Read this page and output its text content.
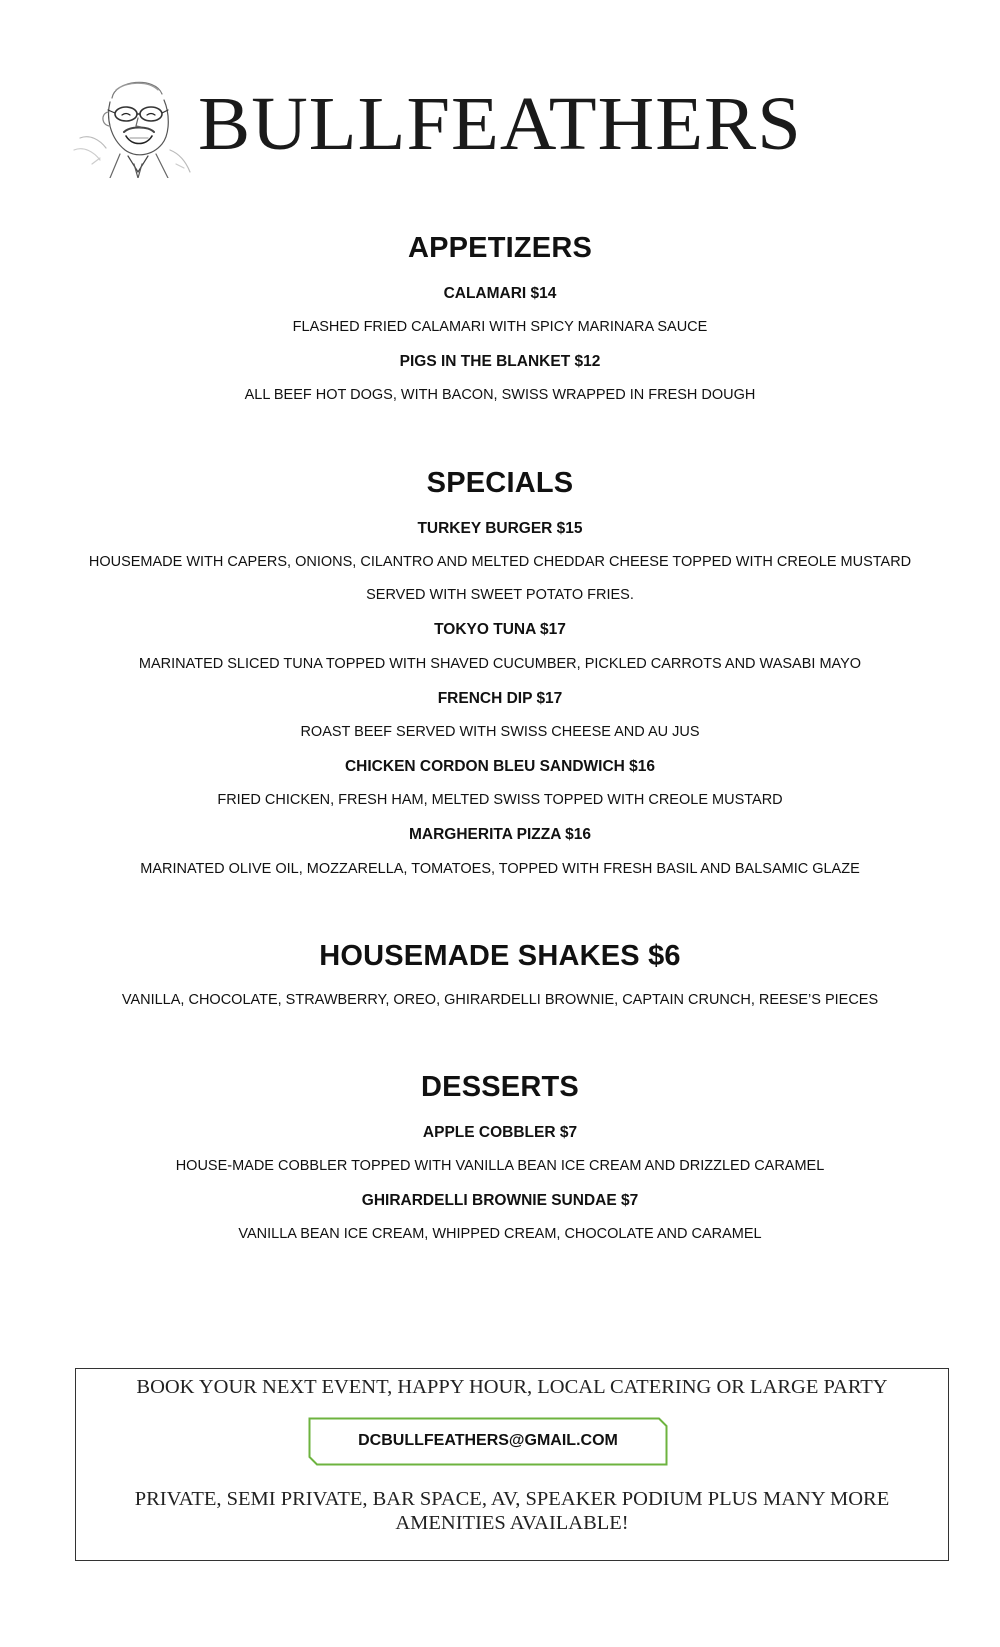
BULLFEATHERS
APPETIZERS
CALAMARI $14
FLASHED FRIED CALAMARI WITH SPICY MARINARA SAUCE
PIGS IN THE BLANKET $12
ALL BEEF HOT DOGS, WITH BACON, SWISS WRAPPED IN FRESH DOUGH
SPECIALS
TURKEY BURGER $15
HOUSEMADE WITH CAPERS, ONIONS, CILANTRO AND MELTED CHEDDAR CHEESE TOPPED WITH CREOLE MUSTARD
SERVED WITH SWEET POTATO FRIES.
TOKYO TUNA $17
MARINATED SLICED TUNA TOPPED WITH SHAVED CUCUMBER, PICKLED CARROTS AND WASABI MAYO
FRENCH DIP $17
ROAST BEEF SERVED WITH SWISS CHEESE AND AU JUS
CHICKEN CORDON BLEU SANDWICH $16
FRIED CHICKEN, FRESH HAM, MELTED SWISS TOPPED WITH CREOLE MUSTARD
MARGHERITA PIZZA $16
MARINATED OLIVE OIL, MOZZARELLA, TOMATOES, TOPPED WITH FRESH BASIL AND BALSAMIC GLAZE
HOUSEMADE SHAKES $6
VANILLA, CHOCOLATE, STRAWBERRY, OREO, GHIRARDELLI BROWNIE, CAPTAIN CRUNCH, REESE’S PIECES
DESSERTS
APPLE COBBLER $7
HOUSE-MADE COBBLER TOPPED WITH VANILLA BEAN ICE CREAM AND DRIZZLED CARAMEL
GHIRARDELLI BROWNIE SUNDAE $7
VANILLA BEAN ICE CREAM, WHIPPED CREAM, CHOCOLATE AND CARAMEL
BOOK YOUR NEXT EVENT, HAPPY HOUR, LOCAL CATERING OR LARGE PARTY
DCBULLFEATHERS@GMAIL.COM
PRIVATE, SEMI PRIVATE, BAR SPACE, AV, SPEAKER PODIUM PLUS MANY MORE
AMENITIES AVAILABLE!
